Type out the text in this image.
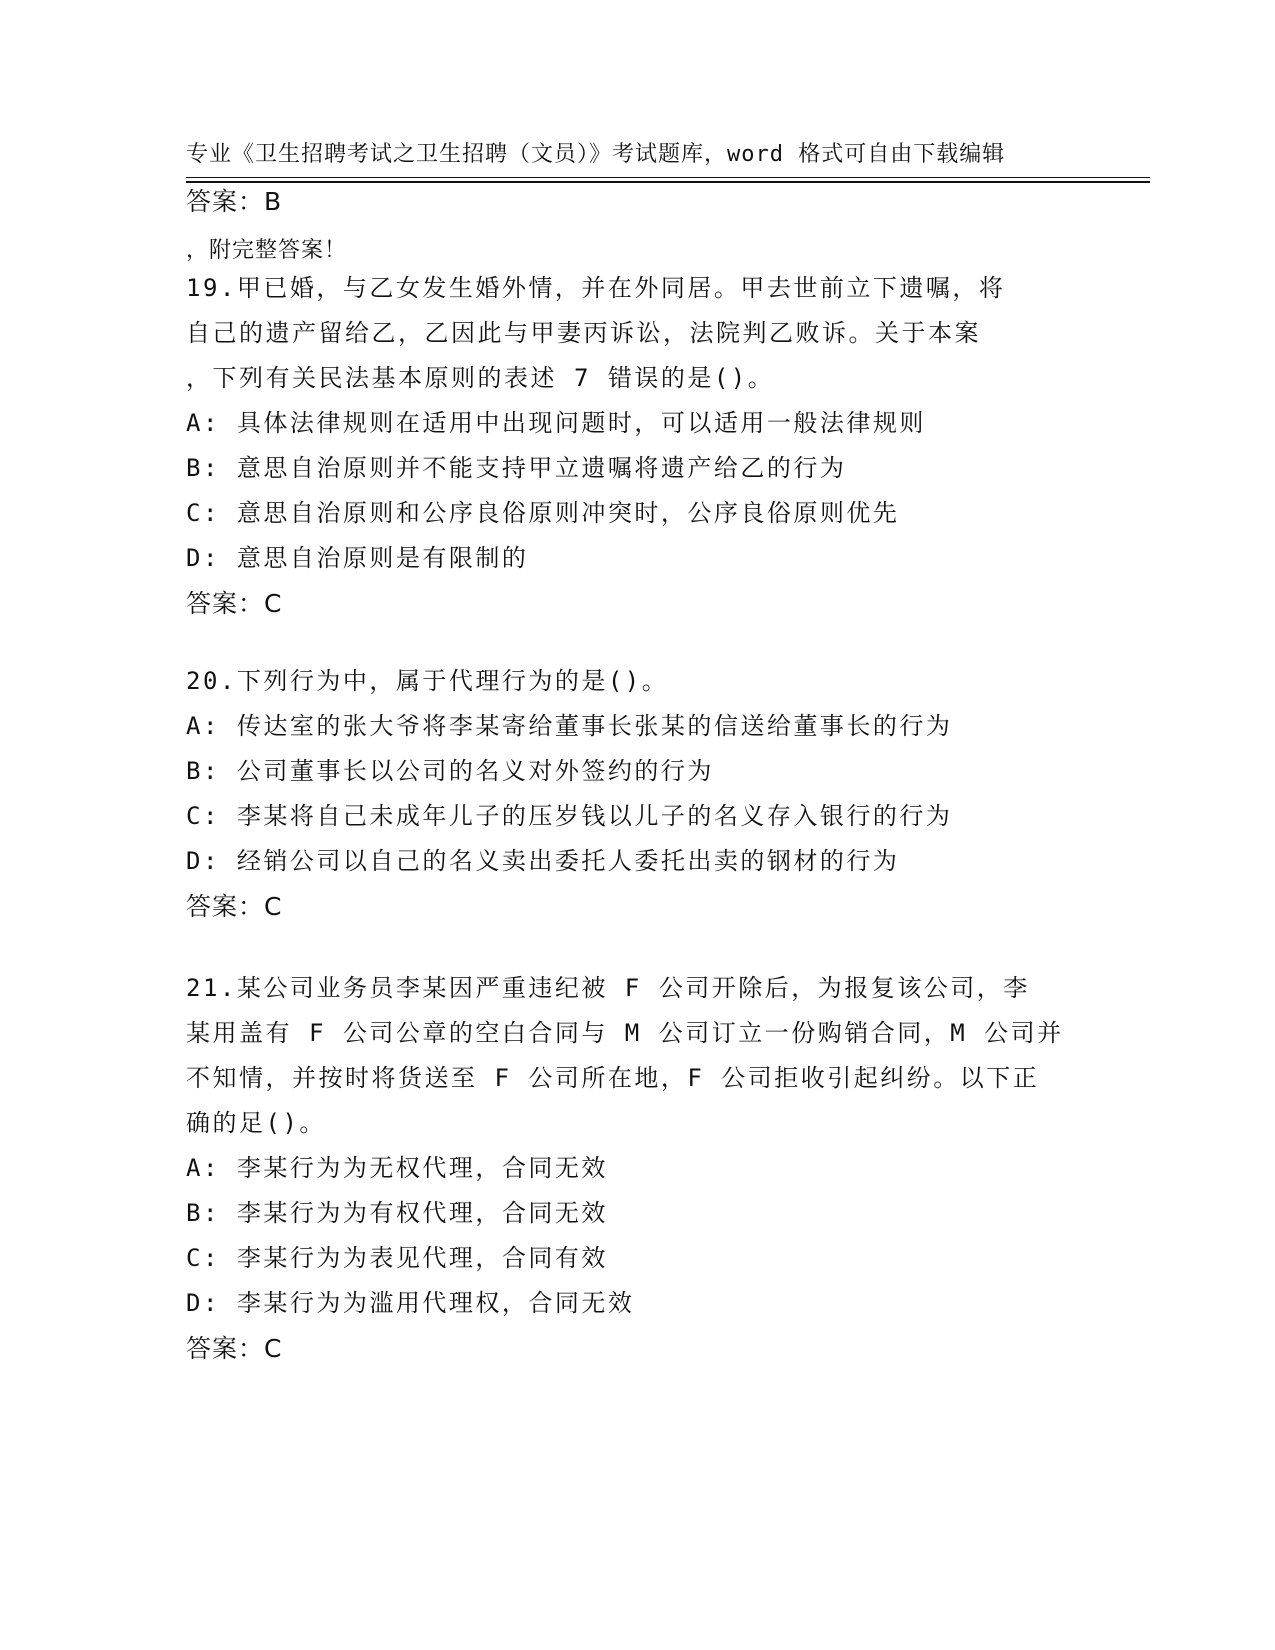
专业《卫生招聘考试之卫生招聘（文员）》考试题库，word 格式可自由下载编辑

，附完整答案！

答案：B

19.甲已婚，与乙女发生婚外情，并在外同居。甲去世前立下遗嘱，将

自己的遗产留给乙，乙因此与甲妻丙诉讼，法院判乙败诉。关于本案

，下列有关民法基本原则的表述 7 错误的是()。

A: 具体法律规则在适用中出现问题时，可以适用一般法律规则

B: 意思自治原则并不能支持甲立遗嘱将遗产给乙的行为

C: 意思自治原则和公序良俗原则冲突时，公序良俗原则优先

D: 意思自治原则是有限制的

答案：C

20.下列行为中，属于代理行为的是()。

A: 传达室的张大爷将李某寄给董事长张某的信送给董事长的行为

B: 公司董事长以公司的名义对外签约的行为

C: 李某将自己未成年儿子的压岁钱以儿子的名义存入银行的行为

D: 经销公司以自己的名义卖出委托人委托出卖的钢材的行为

答案：C

21.某公司业务员李某因严重违纪被 F 公司开除后，为报复该公司，李

某用盖有 F 公司公章的空白合同与 M 公司订立一份购销合同，M 公司并

不知情，并按时将货送至 F 公司所在地，F 公司拒收引起纠纷。以下正

确的足()。

A: 李某行为为无权代理，合同无效

B: 李某行为为有权代理，合同无效

C: 李某行为为表见代理，合同有效

D: 李某行为为滥用代理权，合同无效

答案：C
